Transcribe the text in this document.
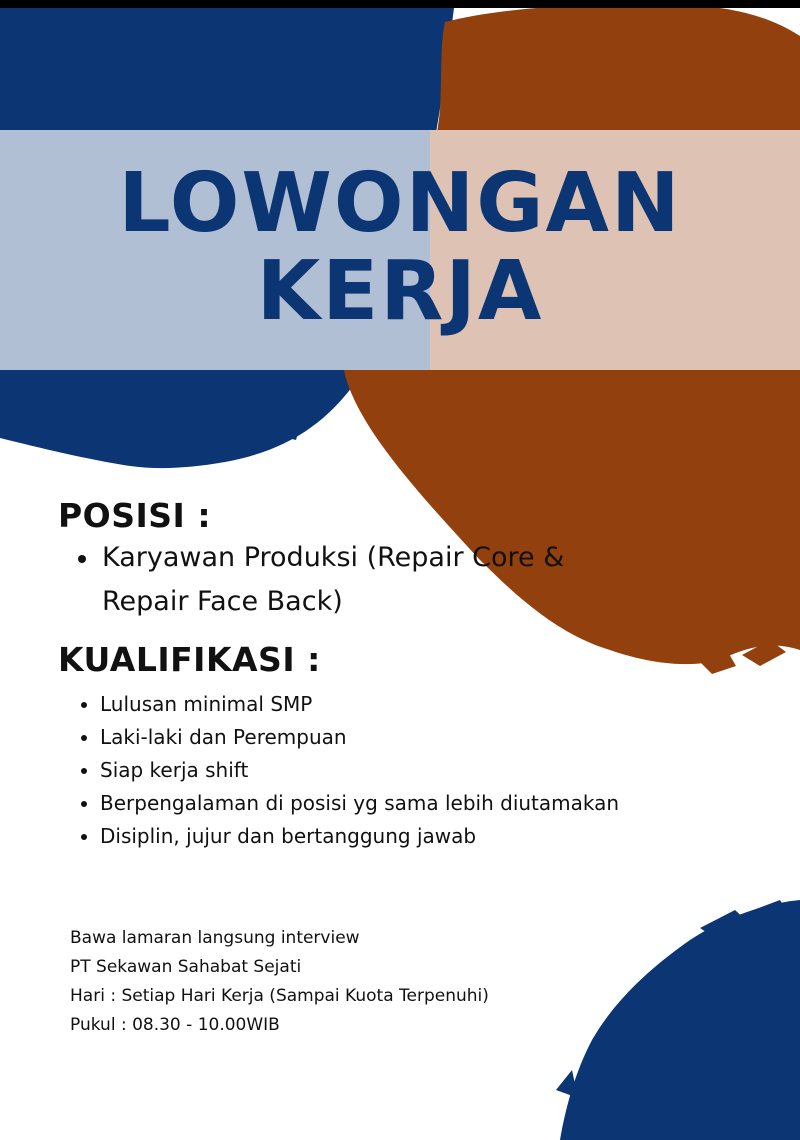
LOWONGAN
KERJA
POSISI :
Karyawan Produksi (Repair Core &
Repair Face Back)
KUALIFIKASI :
Lulusan minimal SMP
Laki-laki dan Perempuan
Siap kerja shift
Berpengalaman di posisi yg sama lebih diutamakan
Disiplin, jujur dan bertanggung jawab
Bawa lamaran langsung interview
PT Sekawan Sahabat Sejati
Hari : Setiap Hari Kerja (Sampai Kuota Terpenuhi)
Pukul : 08.30 - 10.00WIB
